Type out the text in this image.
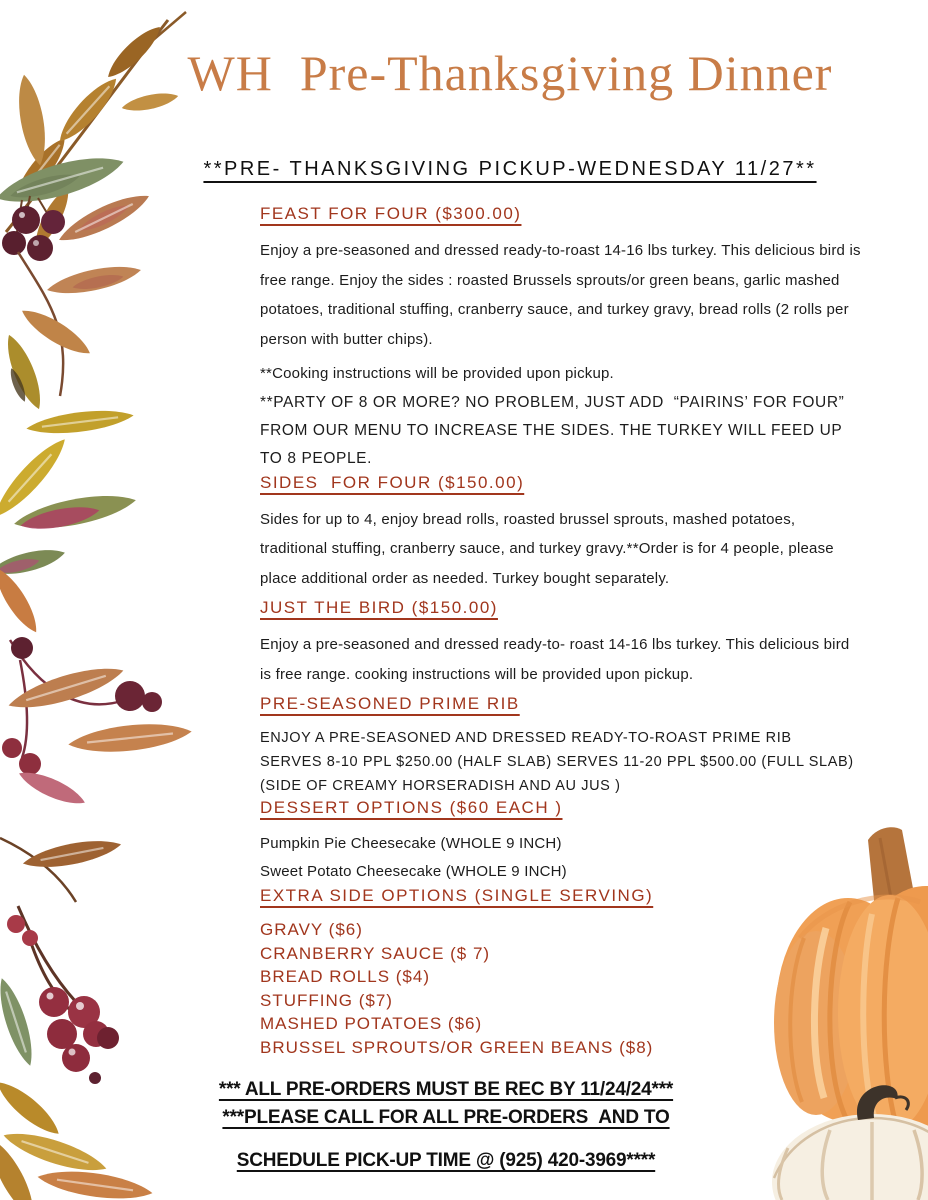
WH  Pre-Thanksgiving Dinner
**PRE- THANKSGIVING PICKUP-WEDNESDAY 11/27**
FEAST FOR FOUR ($300.00)

Enjoy a pre-seasoned and dressed ready-to-roast 14-16 lbs turkey. This delicious bird is free range. Enjoy the sides : roasted Brussels sprouts/or green beans, garlic mashed potatoes, traditional stuffing, cranberry sauce, and turkey gravy, bread rolls (2 rolls per person with butter chips).

**Cooking instructions will be provided upon pickup.

**PARTY OF 8 OR MORE? NO PROBLEM, JUST ADD  “PAIRINS’ FOR FOUR” FROM OUR MENU TO INCREASE THE SIDES. THE TURKEY WILL FEED UP TO 8 PEOPLE.

SIDES  FOR FOUR ($150.00)

Sides for up to 4, enjoy bread rolls, roasted brussel sprouts, mashed potatoes, traditional stuffing, cranberry sauce, and turkey gravy.**Order is for 4 people, please place additional order as needed. Turkey bought separately.

JUST THE BIRD ($150.00)

Enjoy a pre-seasoned and dressed ready-to- roast 14-16 lbs turkey. This delicious bird is free range. cooking instructions will be provided upon pickup.

PRE-SEASONED PRIME RIB

ENJOY A PRE-SEASONED AND DRESSED READY-TO-ROAST PRIME RIB

SERVES 8-10 PPL $250.00 (HALF SLAB) SERVES 11-20 PPL $500.00 (FULL SLAB)

(SIDE OF CREAMY HORSERADISH AND AU JUS )

DESSERT OPTIONS ($60 EACH )

Pumpkin Pie Cheesecake (WHOLE 9 INCH)

Sweet Potato Cheesecake (WHOLE 9 INCH)

EXTRA SIDE OPTIONS (SINGLE SERVING)
GRAVY ($6)
CRANBERRY SAUCE ($ 7)
BREAD ROLLS ($4)
STUFFING ($7)
MASHED POTATOES ($6)
BRUSSEL SPROUTS/OR GREEN BEANS ($8)
*** ALL PRE-ORDERS MUST BE REC BY 11/24/24***
***PLEASE CALL FOR ALL PRE-ORDERS  AND TO
SCHEDULE PICK-UP TIME @ (925) 420-3969****
